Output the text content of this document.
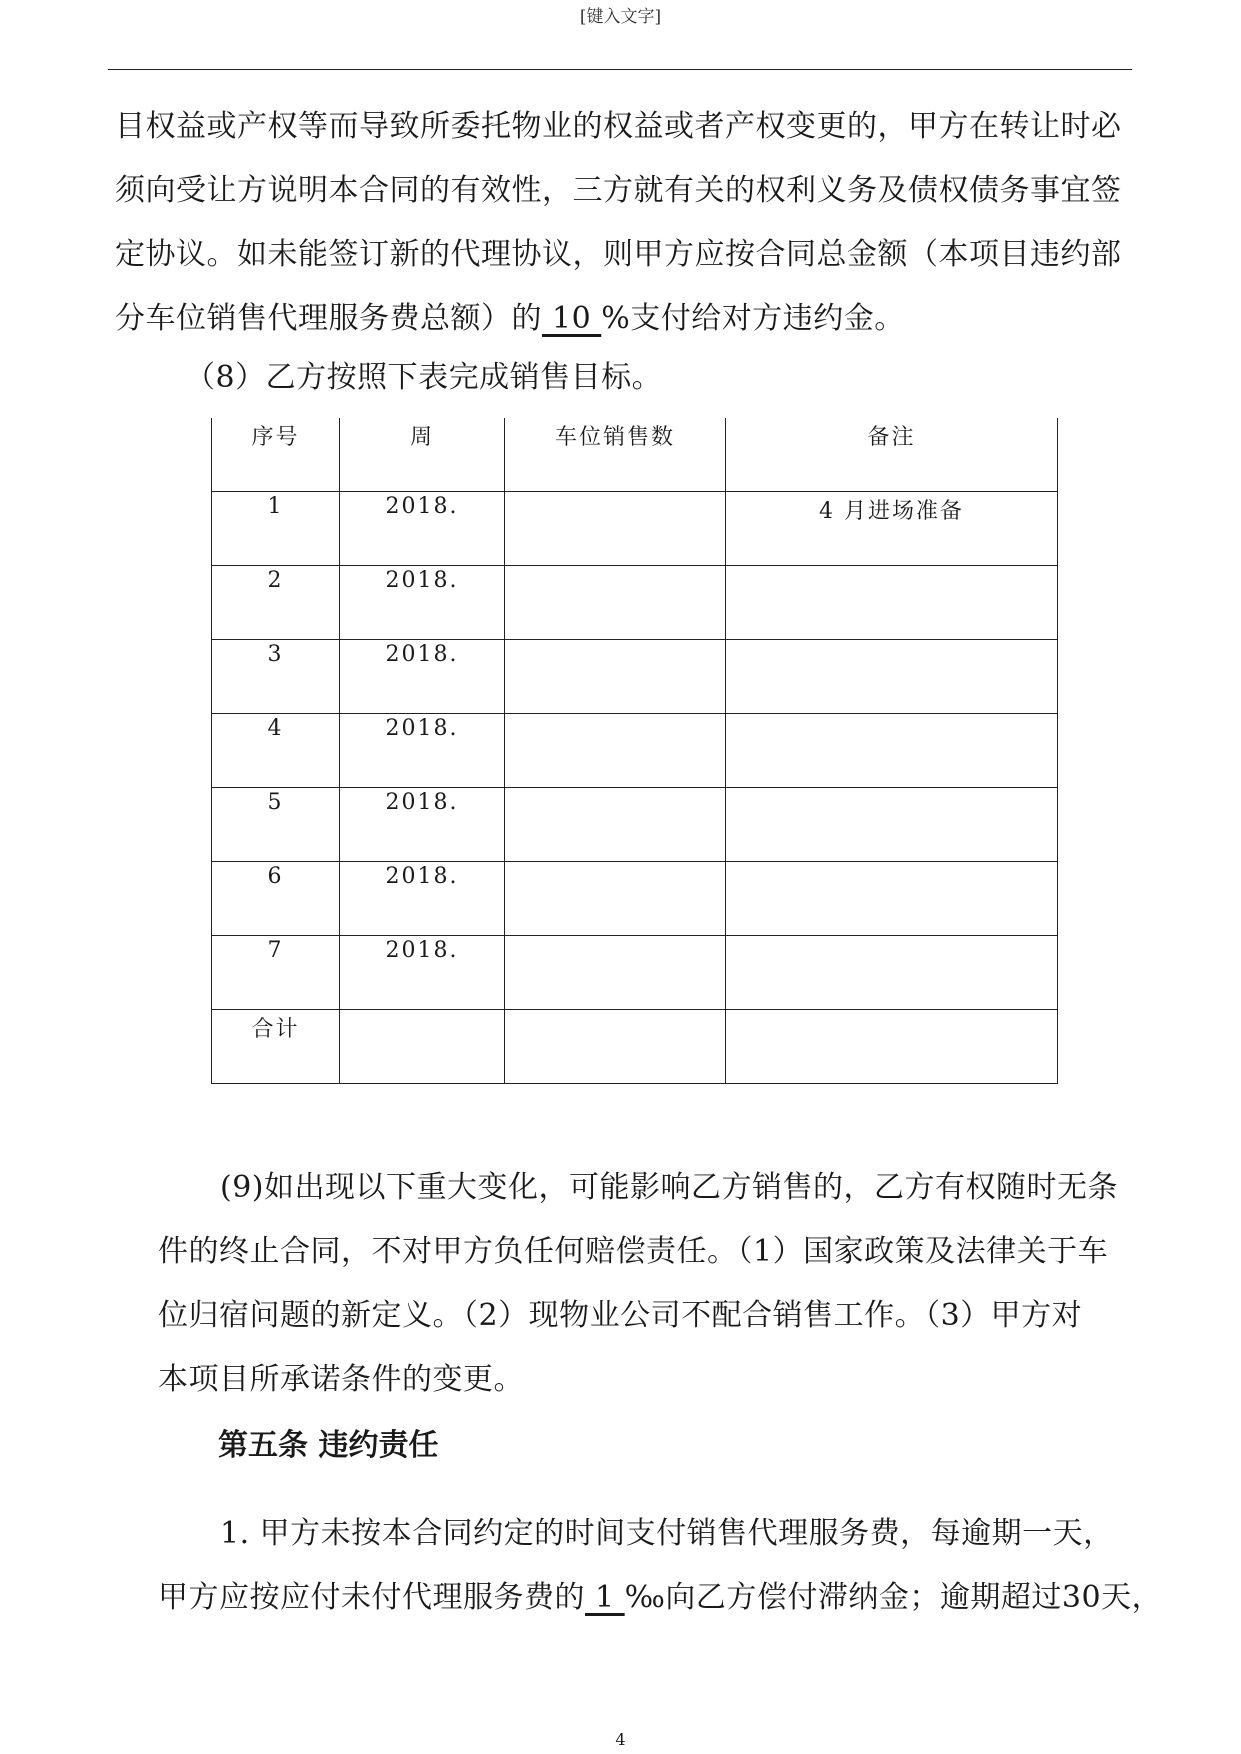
[键入文字]

目权益或产权等而导致所委托物业的权益或者产权变更的，甲方在转让时必
须向受让方说明本合同的有效性，三方就有关的权利义务及债权债务事宜签
定协议。如未能签订新的代理协议，则甲方应按合同总金额（本项目违约部
分车位销售代理服务费总额）的 10 %支付给对方违约金。

（8）乙方按照下表完成销售目标。

序号	周	车位销售数	备注
1	2018.		4 月进场准备
2	2018.		
3	2018.		
4	2018.		
5	2018.		
6	2018.		
7	2018.		
合计			

(9)如出现以下重大变化，可能影响乙方销售的，乙方有权随时无条
件的终止合同，不对甲方负任何赔偿责任。（1）国家政策及法律关于车
位归宿问题的新定义。（2）现物业公司不配合销售工作。（3）甲方对
本项目所承诺条件的变更。

第五条 违约责任

1. 甲方未按本合同约定的时间支付销售代理服务费，每逾期一天，
甲方应按应付未付代理服务费的 1 ‰向乙方偿付滞纳金；逾期超过30天，

4
